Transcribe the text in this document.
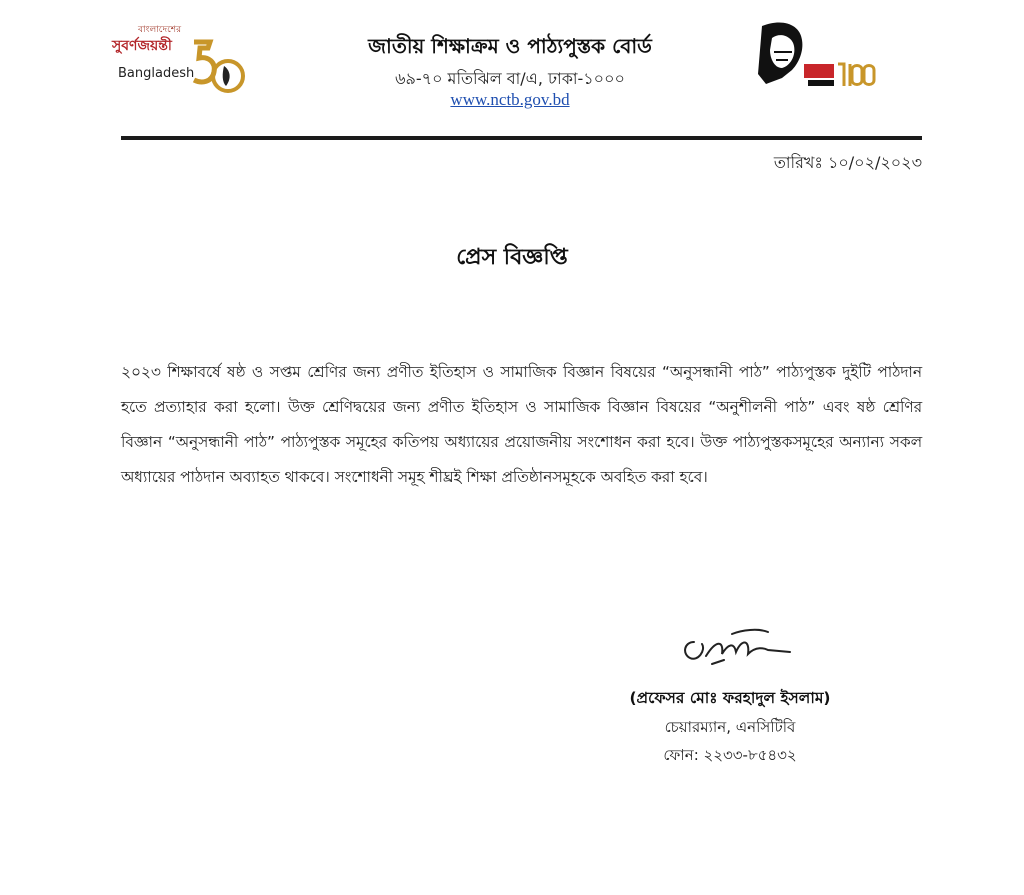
বাংলাদেশের
সুবর্ণজয়ন্তী
Bangladesh
জাতীয় শিক্ষাক্রম ও পাঠ্যপুস্তক বোর্ড
৬৯-৭০ মতিঝিল বা/এ, ঢাকা-১০০০
www.nctb.gov.bd
তারিখঃ ১০/০২/২০২৩
প্রেস বিজ্ঞপ্তি

২০২৩ শিক্ষাবর্ষে ষষ্ঠ ও সপ্তম শ্রেণির জন্য প্রণীত ইতিহাস ও সামাজিক বিজ্ঞান বিষয়ের “অনুসন্ধানী পাঠ” পাঠ্যপুস্তক দুইটি পাঠদান হতে প্রত্যাহার করা হলো। উক্ত শ্রেণিদ্বয়ের জন্য প্রণীত ইতিহাস ও সামাজিক বিজ্ঞান বিষয়ের “অনুশীলনী পাঠ” এবং ষষ্ঠ শ্রেণির বিজ্ঞান “অনুসন্ধানী পাঠ” পাঠ্যপুস্তক সমূহের কতিপয় অধ্যায়ের প্রয়োজনীয় সংশোধন করা হবে। উক্ত পাঠ্যপুস্তকসমূহের অন্যান্য সকল অধ্যায়ের পাঠদান অব্যাহত থাকবে। সংশোধনী সমূহ শীঘ্রই শিক্ষা প্রতিষ্ঠানসমূহকে অবহিত করা হবে।

(প্রফেসর মোঃ ফরহাদুল ইসলাম)
চেয়ারম্যান, এনসিটিবি
ফোন: ২২৩৩-৮৫৪৩২
